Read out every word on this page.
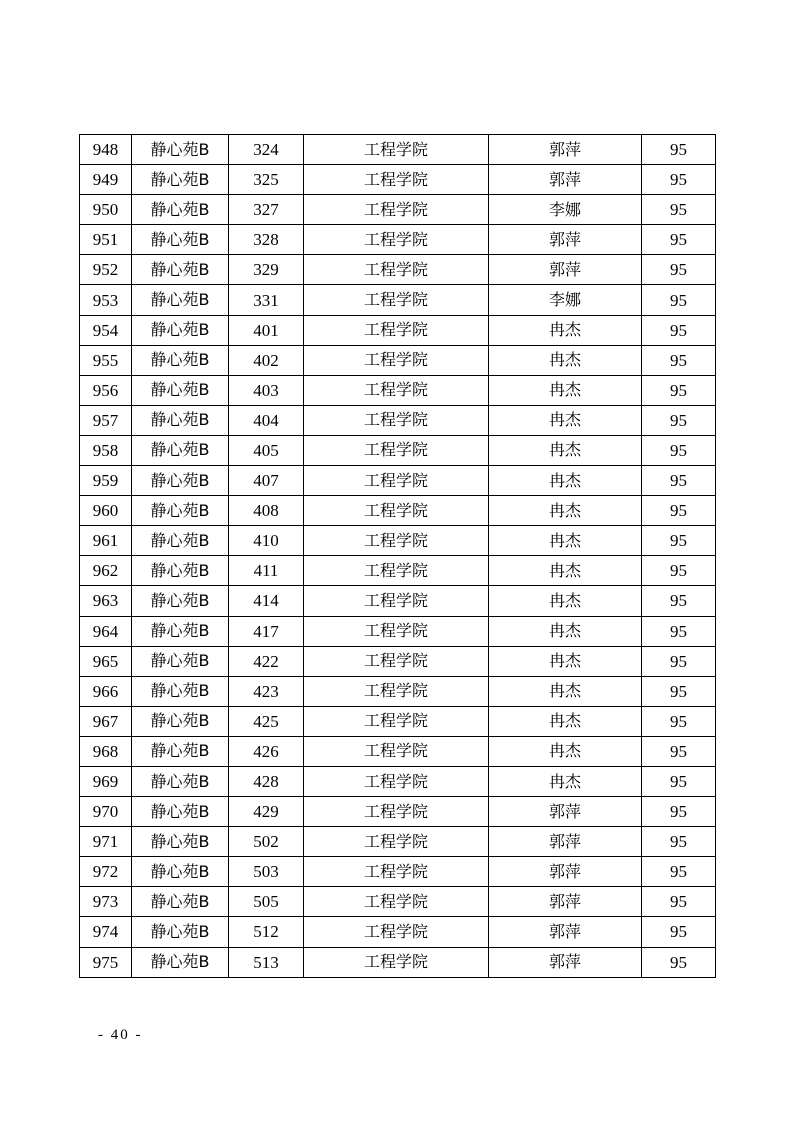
948	静心苑B	324	工程学院	郭萍	95
949	静心苑B	325	工程学院	郭萍	95
950	静心苑B	327	工程学院	李娜	95
951	静心苑B	328	工程学院	郭萍	95
952	静心苑B	329	工程学院	郭萍	95
953	静心苑B	331	工程学院	李娜	95
954	静心苑B	401	工程学院	冉杰	95
955	静心苑B	402	工程学院	冉杰	95
956	静心苑B	403	工程学院	冉杰	95
957	静心苑B	404	工程学院	冉杰	95
958	静心苑B	405	工程学院	冉杰	95
959	静心苑B	407	工程学院	冉杰	95
960	静心苑B	408	工程学院	冉杰	95
961	静心苑B	410	工程学院	冉杰	95
962	静心苑B	411	工程学院	冉杰	95
963	静心苑B	414	工程学院	冉杰	95
964	静心苑B	417	工程学院	冉杰	95
965	静心苑B	422	工程学院	冉杰	95
966	静心苑B	423	工程学院	冉杰	95
967	静心苑B	425	工程学院	冉杰	95
968	静心苑B	426	工程学院	冉杰	95
969	静心苑B	428	工程学院	冉杰	95
970	静心苑B	429	工程学院	郭萍	95
971	静心苑B	502	工程学院	郭萍	95
972	静心苑B	503	工程学院	郭萍	95
973	静心苑B	505	工程学院	郭萍	95
974	静心苑B	512	工程学院	郭萍	95
975	静心苑B	513	工程学院	郭萍	95
- 40 -
